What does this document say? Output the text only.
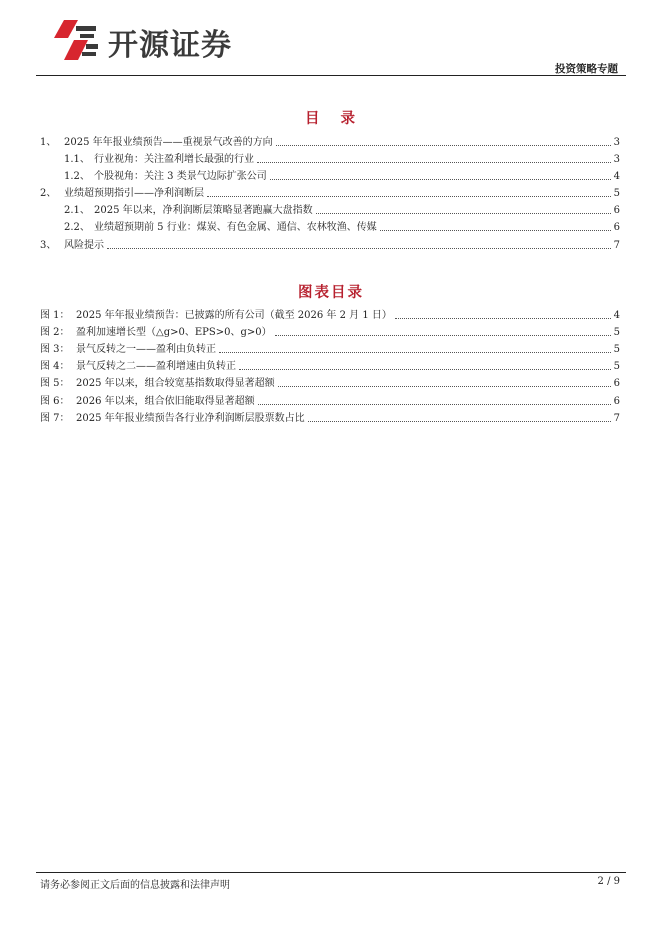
开源证券
投资策略专题
目 录
1、 2025 年年报业绩预告——重视景气改善的方向	3
1.1、 行业视角：关注盈利增长最强的行业	3
1.2、 个股视角：关注 3 类景气边际扩张公司	4
2、 业绩超预期指引——净利润断层	5
2.1、 2025 年以来，净利润断层策略显著跑赢大盘指数	6
2.2、 业绩超预期前 5 行业：煤炭、有色金属、通信、农林牧渔、传媒	6
3、 风险提示	7
图表目录
图 1： 2025 年年报业绩预告：已披露的所有公司（截至 2026 年 2 月 1 日）	4
图 2： 盈利加速增长型（△g>0、EPS>0、g>0）	5
图 3： 景气反转之一——盈利由负转正	5
图 4： 景气反转之二——盈利增速由负转正	5
图 5： 2025 年以来，组合较宽基指数取得显著超额	6
图 6： 2026 年以来，组合依旧能取得显著超额	6
图 7： 2025 年年报业绩预告各行业净利润断层股票数占比	7
请务必参阅正文后面的信息披露和法律声明	2 / 9
